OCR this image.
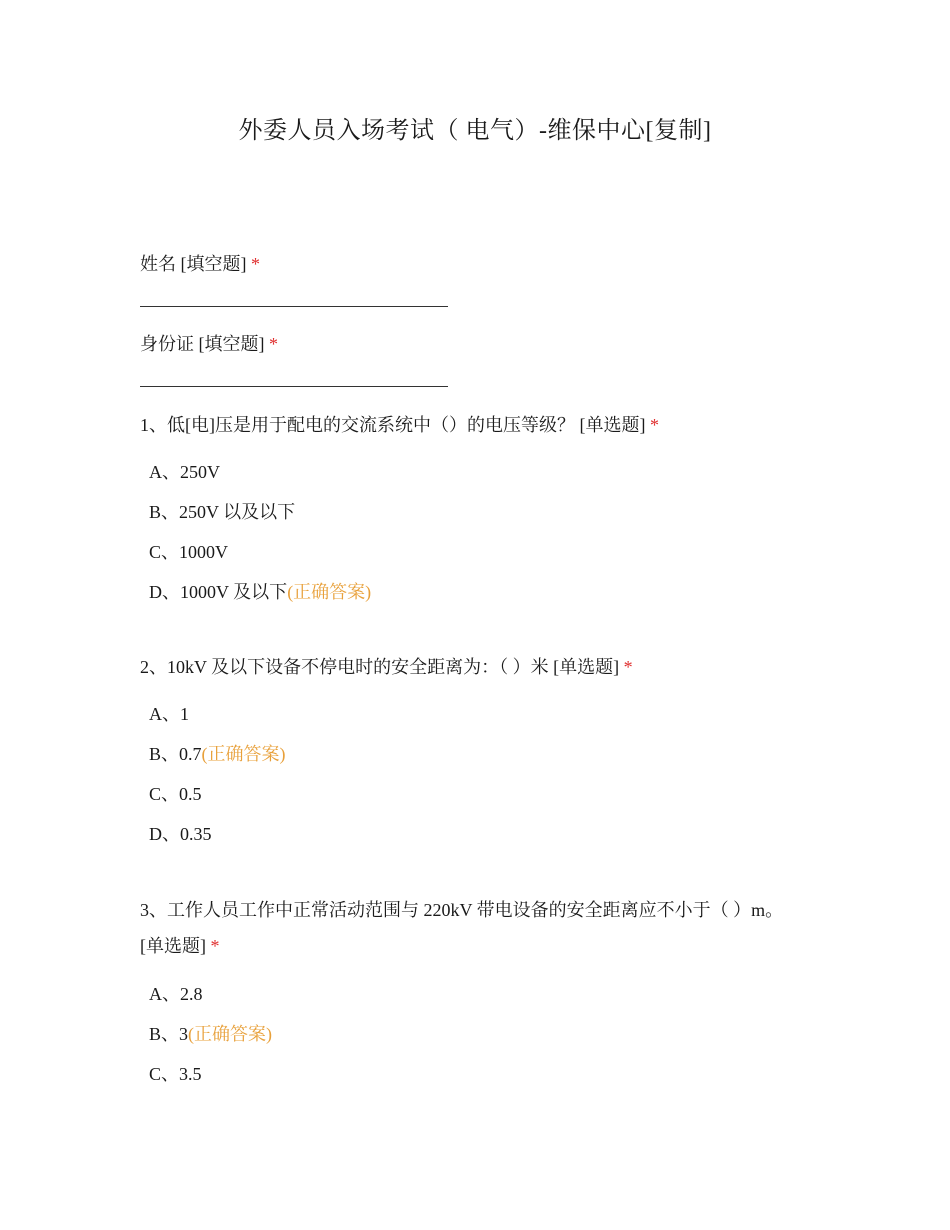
外委人员入场考试（ 电气）-维保中心[复制]
姓名 [填空题] *
身份证 [填空题] *
1、低[电]压是用于配电的交流系统中（）的电压等级？ [单选题] *
A、250V
B、250V 以及以下
C、1000V
D、1000V 及以下(正确答案)
2、10kV 及以下设备不停电时的安全距离为：（ ）米 [单选题] *
A、1
B、0.7(正确答案)
C、0.5
D、0.35
3、工作人员工作中正常活动范围与 220kV 带电设备的安全距离应不小于（ ）m。
[单选题] *
A、2.8
B、3(正确答案)
C、3.5
